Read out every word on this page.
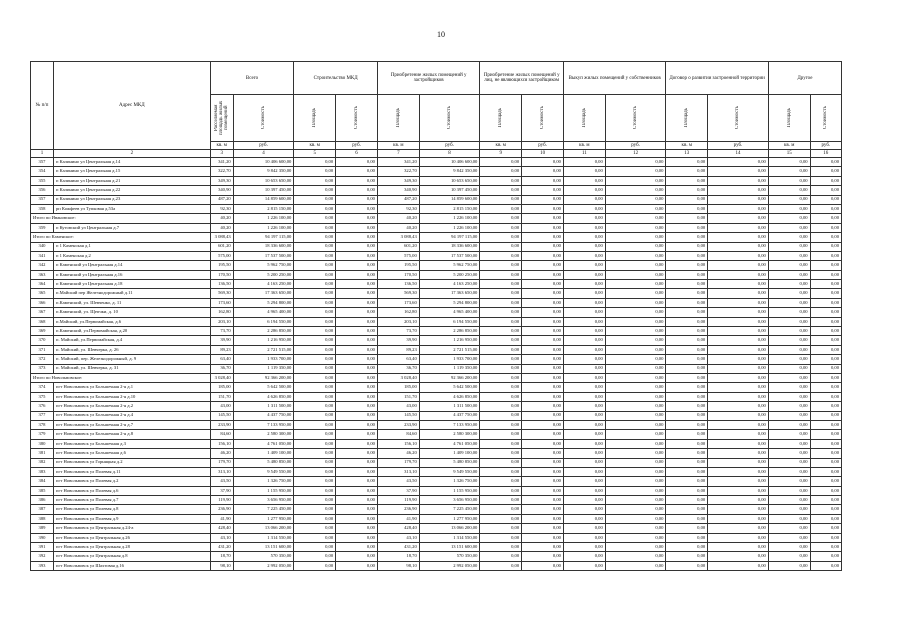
10
№ п/п	Адрес МКД	Всего		Строительство МКД		Приобретение жилых помещений у застройщиков		Приобретение жилых помещений у лиц, не являющихся застройщиком		Выкуп жилых помещений у собственников		Договор о развитии застроенной территории		Другое	

		Расселяемая площадь жилых помещений	Стоимость	Площадь	Стоимость	Площадь	Стоимость	Площадь	Стоимость	Площадь	Стоимость	Площадь	Стоимость	Площадь	Стоимость

		кв. м	руб.	кв. м	руб.	кв. м	руб.	кв. м	руб.	кв. м	руб.	кв. м	руб.	кв. м	руб.
1	2	3	4	5	6	7	8	9	10	11	12	13	14	15	16
357	п Калинино ул Центральная д.14	341,20	10 406 600,00	0,00	0,00	341,20	10 406 600,00	0,00	0,00	0,00	0,00	0,00	0,00	0,00	0,00
354	п Калинино ул Центральная д.15	322,70	9 842 350,00	0,00	0,00	322,70	9 842 350,00	0,00	0,00	0,00	0,00	0,00	0,00	0,00	0,00
355	п Калинино ул Центральная д.21	349,30	10 653 650,00	0,00	0,00	349,30	10 653 650,00	0,00	0,00	0,00	0,00	0,00	0,00	0,00	0,00
356	п Калинино ул Центральная д.22	340,90	10 397 450,00	0,00	0,00	340,90	10 397 450,00	0,00	0,00	0,00	0,00	0,00	0,00	0,00	0,00
357	п Калинино ул Центральная д.23	487,20	14 859 600,00	0,00	0,00	487,20	14 859 600,00	0,00	0,00	0,00	0,00	0,00	0,00	0,00	0,00
358	рп Кожфеев ул Тупковая д.53а	92,30	2 815 150,00	0,00	0,00	92,30	2 815 150,00	0,00	0,00	0,00	0,00	0,00	0,00	0,00	0,00
Итого по Ивановское:		40,20	1 226 100,00	0,00	0,00	40,20	1 226 100,00	0,00	0,00	0,00	0,00	0,00	0,00	0,00	0,00
359	п Кутовский ул Центральная д.7	40,20	1 226 100,00	0,00	0,00	40,20	1 226 100,00	0,00	0,00	0,00	0,00	0,00	0,00	0,00	0,00
Итого по Каменское:		3 088,43	94 197 115,00	0,00	0,00	3 088,43	94 197 115,00	0,00	0,00	0,00	0,00	0,00	0,00	0,00	0,00
340	п 1 Каменская д.1	601,20	18 336 600,00	0,00	0,00	601,20	18 336 600,00	0,00	0,00	0,00	0,00	0,00	0,00	0,00	0,00
341	п 1 Каменская д.2	575,00	17 537 500,00	0,00	0,00	575,00	17 537 500,00	0,00	0,00	0,00	0,00	0,00	0,00	0,00	0,00
342	п Каменский ул Центральная д.14	195,50	5 962 750,00	0,00	0,00	195,50	5 962 750,00	0,00	0,00	0,00	0,00	0,00	0,00	0,00	0,00
363	п Каменский ул Центральная д.16	170,50	5 200 250,00	0,00	0,00	170,50	5 200 250,00	0,00	0,00	0,00	0,00	0,00	0,00	0,00	0,00
364	п Каменский ул Центральная д.18	136,50	4 163 250,00	0,00	0,00	136,50	4 163 250,00	0,00	0,00	0,00	0,00	0,00	0,00	0,00	0,00
365	п.Майский пер Железнодорожный д.11	569,30	17 363 650,00	0,00	0,00	569,30	17 363 650,00	0,00	0,00	0,00	0,00	0,00	0,00	0,00	0,00
366	п.Каменский, ул. Шевченко, д. 11	173,60	5 294 800,00	0,00	0,00	173,60	5 294 800,00	0,00	0,00	0,00	0,00	0,00	0,00	0,00	0,00
367	п.Каменский, ул. Щепчки, д. 10	162,80	4 965 400,00	0,00	0,00	162,80	4 965 400,00	0,00	0,00	0,00	0,00	0,00	0,00	0,00	0,00
368	п.Майский, ул.Первомайская, д.6	203,10	6 194 550,00	0,00	0,00	203,10	6 194 550,00	0,00	0,00	0,00	0,00	0,00	0,00	0,00	0,00
369	п.Каменский, ул.Первомайская, д.20	73,70	2 286 850,00	0,00	0,00	73,70	2 286 850,00	0,00	0,00	0,00	0,00	0,00	0,00	0,00	0,00
370	п. Майский, ул.Первомайская, д.4	39,90	1 216 950,00	0,00	0,00	39,90	1 216 950,00	0,00	0,00	0,00	0,00	0,00	0,00	0,00	0,00
371	п. Майский, ул. Шевчерка, д. 26	89,23	2 721 515,00	0,00	0,00	89,23	2 721 515,00	0,00	0,00	0,00	0,00	0,00	0,00	0,00	0,00
372	п. Майский, пер. Железнодорожный, д. 9	63,40	1 933 700,00	0,00	0,00	63,40	1 933 700,00	0,00	0,00	0,00	0,00	0,00	0,00	0,00	0,00
373	п. Майский, ул. Шевчерка, д. 31	36,70	1 119 350,00	0,00	0,00	36,70	1 119 350,00	0,00	0,00	0,00	0,00	0,00	0,00	0,00	0,00
Итого по Новольвовское:		3 028,40	92 366 200,00	0,00	0,00	3 028,40	92 366 200,00	0,00	0,00	0,00	0,00	0,00	0,00	0,00	0,00
374	пгт Новольвовск ул Большечная 2-я д.1	185,00	5 642 500,00	0,00	0,00	185,00	5 642 500,00	0,00	0,00	0,00	0,00	0,00	0,00	0,00	0,00
375	пгт Новольвовск ул Большечная 2-я д.10	151,70	4 626 850,00	0,00	0,00	151,70	4 626 850,00	0,00	0,00	0,00	0,00	0,00	0,00	0,00	0,00
376	пгт Новольвовск ул Большечная 2-я д.2	43,00	1 311 500,00	0,00	0,00	43,00	1 311 500,00	0,00	0,00	0,00	0,00	0,00	0,00	0,00	0,00
377	пгт Новольвовск ул Большечная 2-я д.4	145,50	4 437 750,00	0,00	0,00	145,50	4 437 750,00	0,00	0,00	0,00	0,00	0,00	0,00	0,00	0,00
378	пгт Новольвовск ул Большечная 2-я д.7	233,90	7 133 950,00	0,00	0,00	233,90	7 133 950,00	0,00	0,00	0,00	0,00	0,00	0,00	0,00	0,00
379	пгт Новольвовск ул Большечная 2-я д.8	84,60	2 580 300,00	0,00	0,00	84,60	2 580 300,00	0,00	0,00	0,00	0,00	0,00	0,00	0,00	0,00
380	пгт Новольвовск ул Большечная д.3	156,10	4 761 050,00	0,00	0,00	156,10	4 761 050,00	0,00	0,00	0,00	0,00	0,00	0,00	0,00	0,00
381	пгт Новольвовск ул Большечная д.6	46,20	1 409 100,00	0,00	0,00	46,20	1 409 100,00	0,00	0,00	0,00	0,00	0,00	0,00	0,00	0,00
382	пгт Новольвовск ул Горняцкая д.2	179,70	5 480 850,00	0,00	0,00	179,70	5 480 850,00	0,00	0,00	0,00	0,00	0,00	0,00	0,00	0,00
383	пгт Новольвовск ул Полевая д.11	313,10	9 549 550,00	0,00	0,00	313,10	9 549 550,00	0,00	0,00	0,00	0,00	0,00	0,00	0,00	0,00
384	пгт Новольвовск ул Полевая д.2	43,50	1 326 750,00	0,00	0,00	43,50	1 326 750,00	0,00	0,00	0,00	0,00	0,00	0,00	0,00	0,00
385	пгт Новольвовск ул Полевая д.6	37,90	1 155 950,00	0,00	0,00	37,90	1 155 950,00	0,00	0,00	0,00	0,00	0,00	0,00	0,00	0,00
386	пгт Новольвовск ул Полевая д.7	119,90	3 656 950,00	0,00	0,00	119,90	3 656 950,00	0,00	0,00	0,00	0,00	0,00	0,00	0,00	0,00
387	пгт Новольвовск ул Полевая д.8	236,90	7 225 450,00	0,00	0,00	236,90	7 225 450,00	0,00	0,00	0,00	0,00	0,00	0,00	0,00	0,00
388	пгт Новольвовск ул Полевая д.9	41,90	1 277 950,00	0,00	0,00	41,90	1 277 950,00	0,00	0,00	0,00	0,00	0,00	0,00	0,00	0,00
389	пгт Новольвовск ул Центральная д.24-а	428,40	13 066 200,00	0,00	0,00	428,40	13 066 200,00	0,00	0,00	0,00	0,00	0,00	0,00	0,00	0,00
390	пгт Новольвовск ул Центральная д.26	43,10	1 314 550,00	0,00	0,00	43,10	1 314 550,00	0,00	0,00	0,00	0,00	0,00	0,00	0,00	0,00
391	пгт Новольвовск ул Центральная д.28	431,20	13 151 600,00	0,00	0,00	431,20	13 151 600,00	0,00	0,00	0,00	0,00	0,00	0,00	0,00	0,00
392	пгт Новольвовск ул Центральная д.8	18,70	570 350,00	0,00	0,00	18,70	570 350,00	0,00	0,00	0,00	0,00	0,00	0,00	0,00	0,00
393	пгт Новольвовск ул Шахтовая д.16	98,10	2 992 050,00	0,00	0,00	98,10	2 992 050,00	0,00	0,00	0,00	0,00	0,00	0,00	0,00	0,00
